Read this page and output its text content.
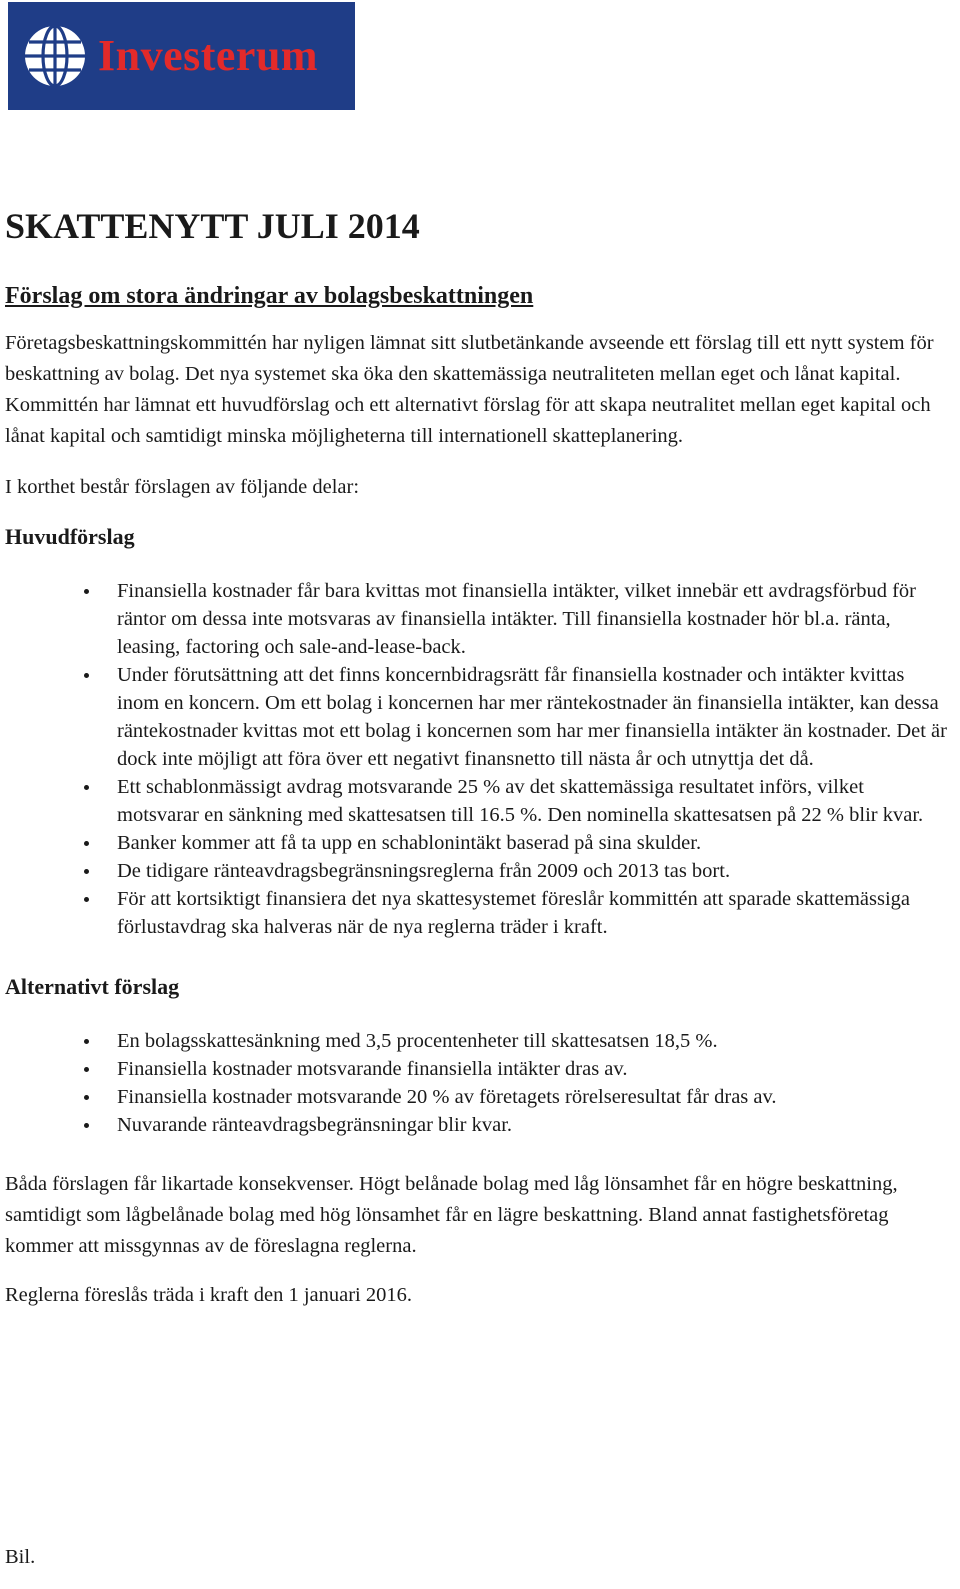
Investerum
SKATTENYTT JULI 2014
Förslag om stora ändringar av bolagsbeskattningen

Företagsbeskattningskommittén har nyligen lämnat sitt slutbetänkande avseende ett förslag till ett nytt system för beskattning av bolag. Det nya systemet ska öka den skattemässiga neutraliteten mellan eget och lånat kapital. Kommittén har lämnat ett huvudförslag och ett alternativt förslag för att skapa neutralitet mellan eget kapital och lånat kapital och samtidigt minska möjligheterna till internationell skatteplanering.

I korthet består förslagen av följande delar:

Huvudförslag
Finansiella kostnader får bara kvittas mot finansiella intäkter, vilket innebär ett avdragsförbud för räntor om dessa inte motsvaras av finansiella intäkter. Till finansiella kostnader hör bl.a. ränta, leasing, factoring och sale-and-lease-back.
Under förutsättning att det finns koncernbidragsrätt får finansiella kostnader och intäkter kvittas inom en koncern. Om ett bolag i koncernen har mer räntekostnader än finansiella intäkter, kan dessa räntekostnader kvittas mot ett bolag i koncernen som har mer finansiella intäkter än kostnader. Det är dock inte möjligt att föra över ett negativt finansnetto till nästa år och utnyttja det då.
Ett schablonmässigt avdrag motsvarande 25 % av det skattemässiga resultatet införs, vilket motsvarar en sänkning med skattesatsen till 16.5 %. Den nominella skattesatsen på 22 % blir kvar.
Banker kommer att få ta upp en schablonintäkt baserad på sina skulder.
De tidigare ränteavdragsbegränsningsreglerna från 2009 och 2013 tas bort.
För att kortsiktigt finansiera det nya skattesystemet föreslår kommittén att sparade skattemässiga förlustavdrag ska halveras när de nya reglerna träder i kraft.
Alternativt förslag
En bolagsskattesänkning med 3,5 procentenheter till skattesatsen 18,5 %.
Finansiella kostnader motsvarande finansiella intäkter dras av.
Finansiella kostnader motsvarande 20 % av företagets rörelseresultat får dras av.
Nuvarande ränteavdragsbegränsningar blir kvar.

Båda förslagen får likartade konsekvenser. Högt belånade bolag med låg lönsamhet får en högre beskattning, samtidigt som lågbelånade bolag med hög lönsamhet får en lägre beskattning. Bland annat fastighetsföretag kommer att missgynnas av de föreslagna reglerna.

Reglerna föreslås träda i kraft den 1 januari 2016.

Bil.
